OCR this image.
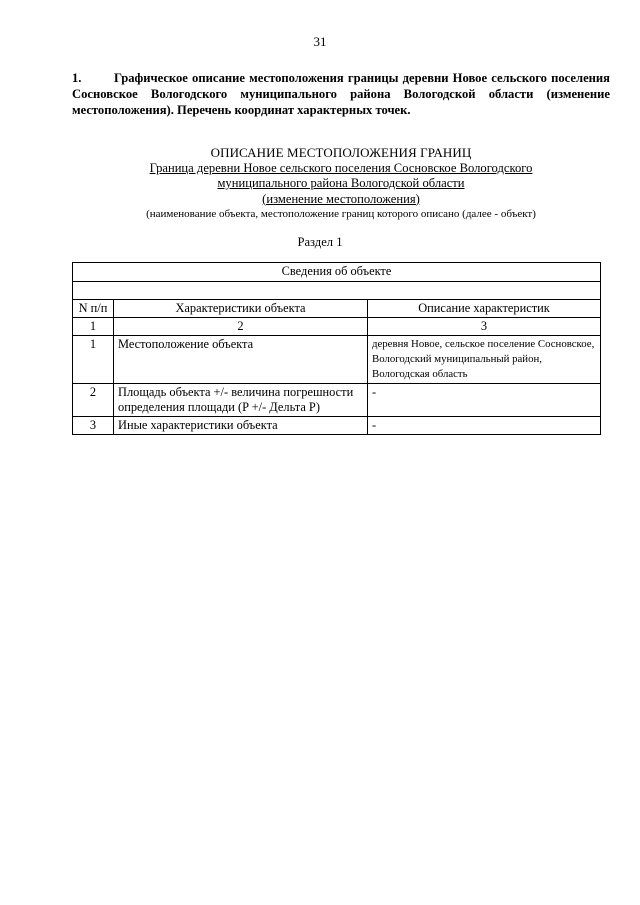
31
1.	Графическое описание местоположения границы деревни Новое сельского поселения Сосновское Вологодского муниципального района Вологодской области (изменение местоположения). Перечень координат характерных точек.
ОПИСАНИЕ МЕСТОПОЛОЖЕНИЯ ГРАНИЦ
Граница деревни Новое сельского поселения Сосновское Вологодского
муниципального района Вологодской области
(изменение местоположения)
(наименование объекта, местоположение границ которого описано (далее - объект)
Раздел 1
Сведения об объекте		

N п/п	Характеристики объекта	Описание характеристик
1	2	3
1	Местоположение объекта	деревня Новое, сельское поселение Сосновское, Вологодский муниципальный район, Вологодская область
2	Площадь объекта +/- величина погрешности определения площади (P +/- Дельта P)	-
3	Иные характеристики объекта	-
